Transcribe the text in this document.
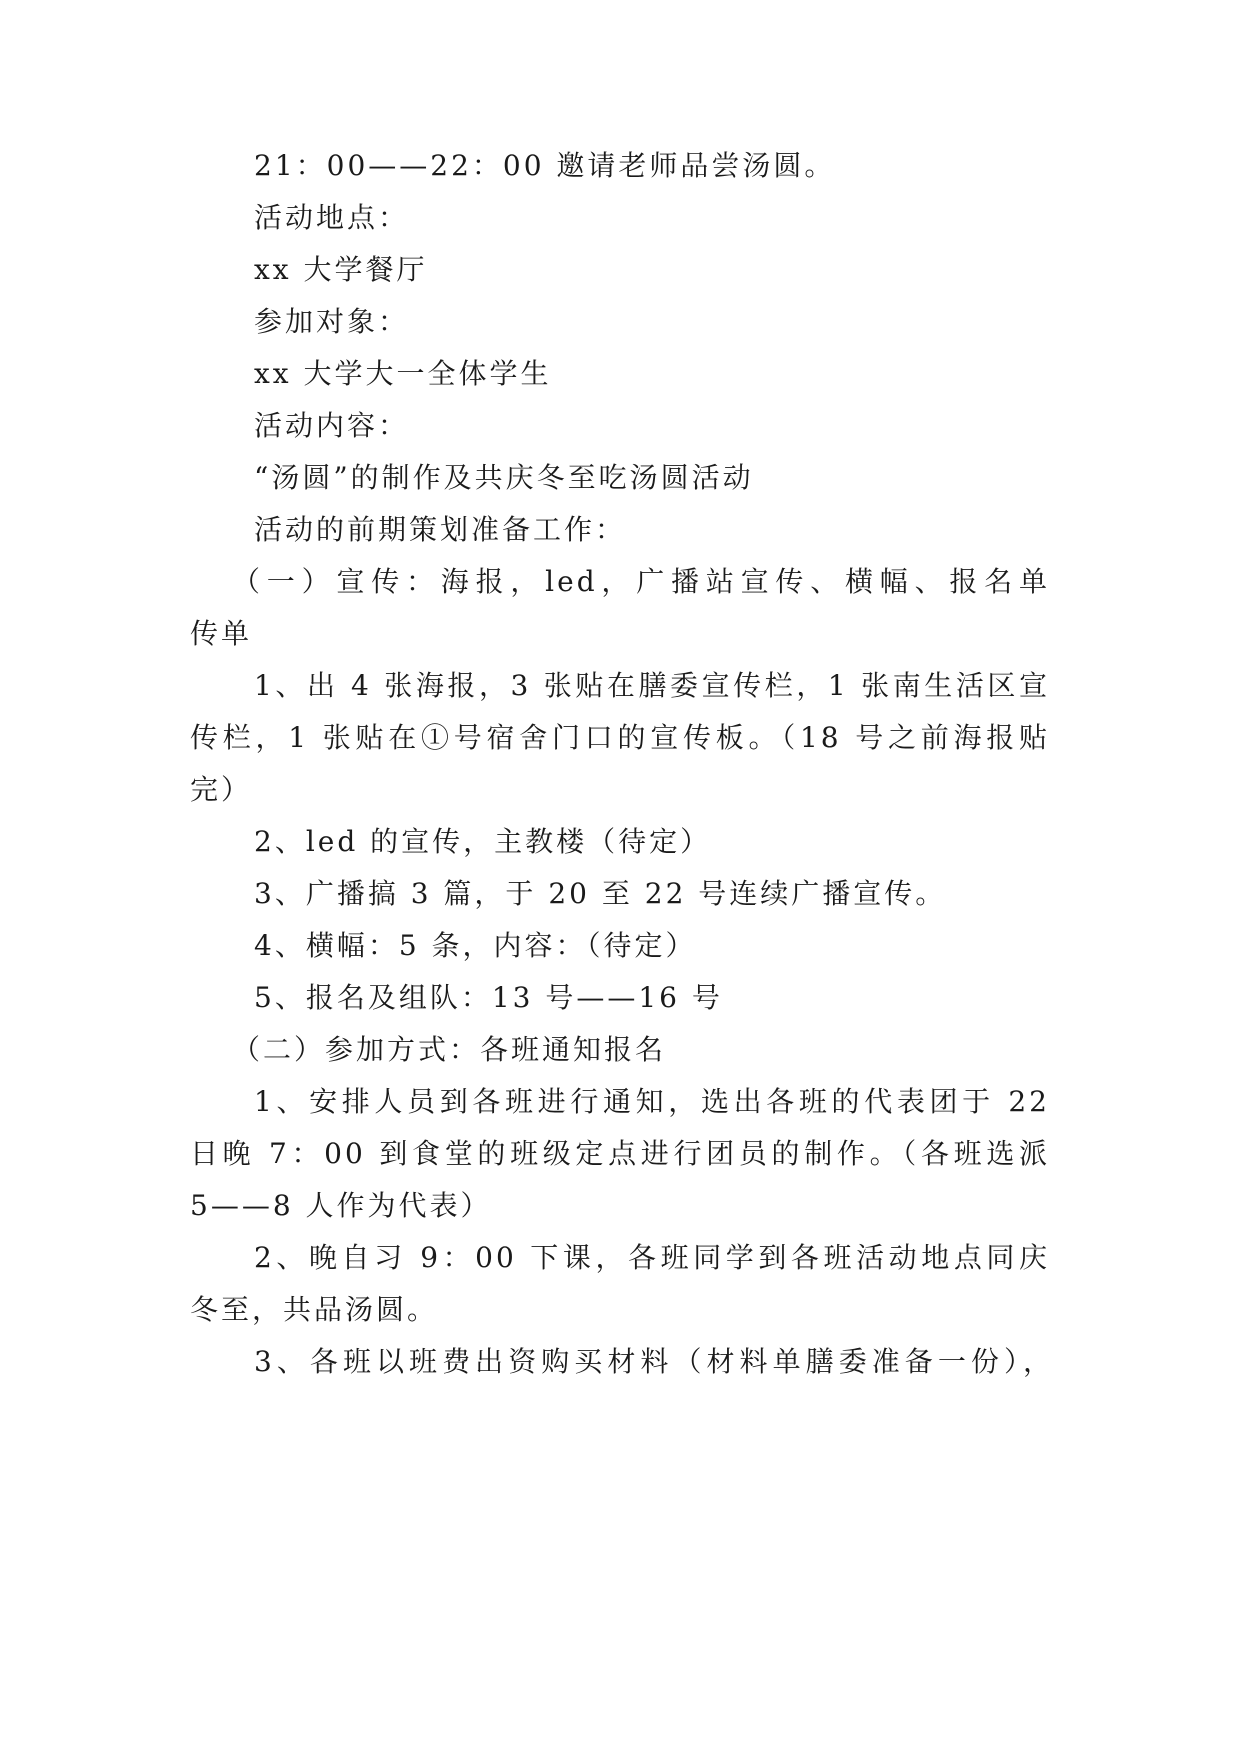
21：00——22：00 邀请老师品尝汤圆。
活动地点：
xx 大学餐厅
参加对象：
xx 大学大一全体学生
活动内容：
“汤圆”的制作及共庆冬至吃汤圆活动
活动的前期策划准备工作：
（一）宣传：海报，led，广播站宣传、横幅、报名单
传单
1、出 4 张海报，3 张贴在膳委宣传栏，1 张南生活区宣
传栏，1 张贴在①号宿舍门口的宣传板。（18 号之前海报贴
完）
2、led 的宣传，主教楼（待定）
3、广播搞 3 篇，于 20 至 22 号连续广播宣传。
4、横幅：5 条，内容：（待定）
5、报名及组队：13 号——16 号
（二）参加方式：各班通知报名
1、安排人员到各班进行通知，选出各班的代表团于 22
日晚 7：00 到食堂的班级定点进行团员的制作。（各班选派
5——8 人作为代表）
2、晚自习 9：00 下课，各班同学到各班活动地点同庆
冬至，共品汤圆。
3、各班以班费出资购买材料（材料单膳委准备一份），
